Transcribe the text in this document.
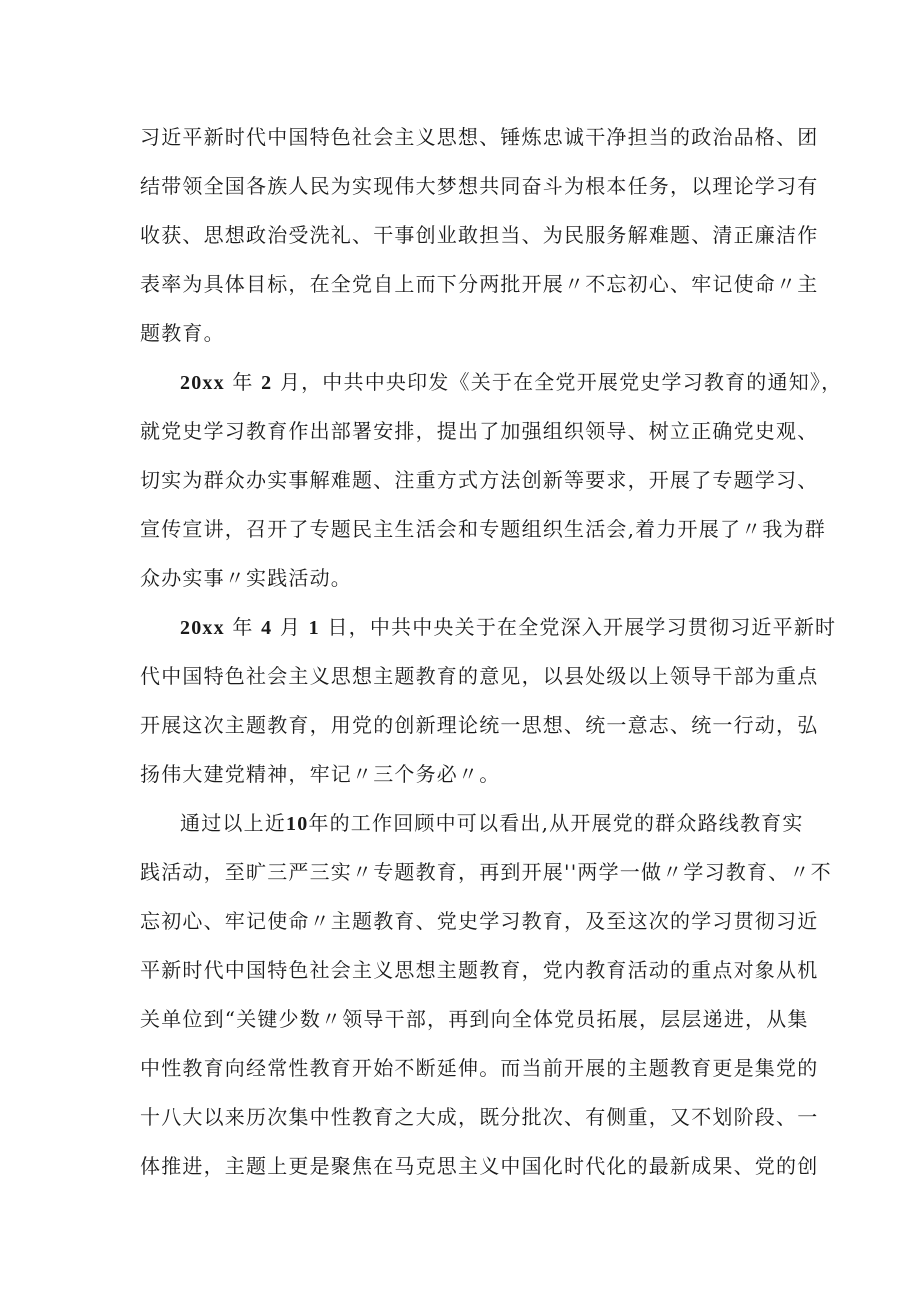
习近平新时代中国特色社会主义思想、锤炼忠诚干净担当的政治品格、团
结带领全国各族人民为实现伟大梦想共同奋斗为根本任务，以理论学习有
收获、思想政治受洗礼、干事创业敢担当、为民服务解难题、清正廉洁作
表率为具体目标，在全党自上而下分两批开展〃不忘初心、牢记使命〃主
题教育。
20xx 年 2 月，中共中央印发《关于在全党开展党史学习教育的通知》，
就党史学习教育作出部署安排，提出了加强组织领导、树立正确党史观、
切实为群众办实事解难题、注重方式方法创新等要求，开展了专题学习、
宣传宣讲，召开了专题民主生活会和专题组织生活会,着力开展了〃我为群
众办实事〃实践活动。
20xx 年 4 月 1 日，中共中央关于在全党深入开展学习贯彻习近平新时
代中国特色社会主义思想主题教育的意见，以县处级以上领导干部为重点
开展这次主题教育，用党的创新理论统一思想、统一意志、统一行动，弘
扬伟大建党精神，牢记〃三个务必〃。
通过以上近10年的工作回顾中可以看出,从开展党的群众路线教育实
践活动，至旷三严三实〃专题教育，再到开展''两学一做〃学习教育、〃不
忘初心、牢记使命〃主题教育、党史学习教育，及至这次的学习贯彻习近
平新时代中国特色社会主义思想主题教育，党内教育活动的重点对象从机
关单位到“关键少数〃领导干部，再到向全体党员拓展，层层递进，从集
中性教育向经常性教育开始不断延伸。而当前开展的主题教育更是集党的
十八大以来历次集中性教育之大成，既分批次、有侧重，又不划阶段、一
体推进，主题上更是聚焦在马克思主义中国化时代化的最新成果、党的创
